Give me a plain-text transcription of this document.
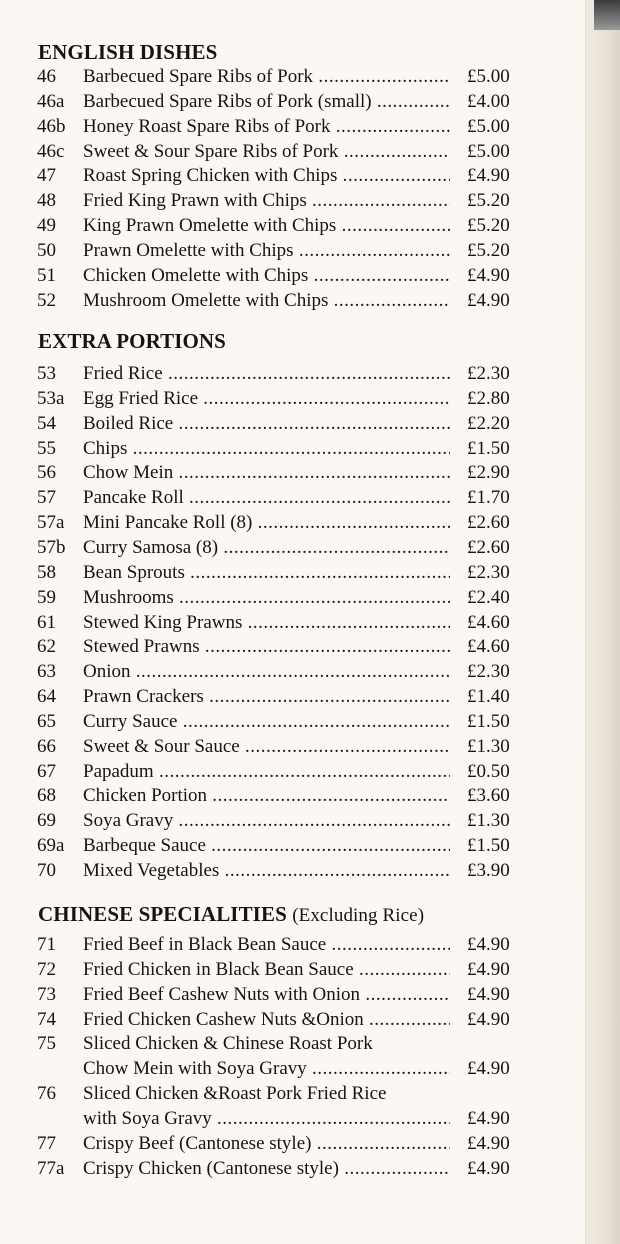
ENGLISH DISHES
EXTRA PORTIONS
CHINESE SPECIALITIES (Excluding Rice)
46	Barbecued Spare Ribs of Pork .....	£5.00
46a Barbecued Spare Ribs of Pork (small) .....	£4.00
46b Honey Roast Spare Ribs of Pork .....	£5.00
46c Sweet & Sour Spare Ribs of Pork .....	£5.00
47	Roast Spring Chicken with Chips .....	£4.90
48	Fried King Prawn with Chips .....	£5.20
49	King Prawn Omelette with Chips .....	£5.20
50	Prawn Omelette with Chips .....	£5.20
51	Chicken Omelette with Chips .....	£4.90
52	Mushroom Omelette with Chips .....	£4.90
53	Fried Rice .....	£2.30
53a Egg Fried Rice .....	£2.80
54	Boiled Rice .....	£2.20
55	Chips .....	£1.50
56	Chow Mein .....	£2.90
57	Pancake Roll .....	£1.70
57a Mini Pancake Roll (8) .....	£2.60
57b Curry Samosa (8) .....	£2.60
58	Bean Sprouts .....	£2.30
59	Mushrooms .....	£2.40
61	Stewed King Prawns .....	£4.60
62	Stewed Prawns .....	£4.60
63	Onion .....	£2.30
64	Prawn Crackers .....	£1.40
65	Curry Sauce .....	£1.50
66	Sweet & Sour Sauce .....	£1.30
67	Papadum .....	£0.50
68	Chicken Portion .....	£3.60
69	Soya Gravy .....	£1.30
69a Barbeque Sauce .....	£1.50
70	Mixed Vegetables .....	£3.90
71	Fried Beef in Black Bean Sauce .....	£4.90
72	Fried Chicken in Black Bean Sauce .....	£4.90
73	Fried Beef Cashew Nuts with Onion .....	£4.90
74	Fried Chicken Cashew Nuts &Onion .....	£4.90
75	Sliced Chicken & Chinese Roast Pork
Chow Mein with Soya Gravy .....	£4.90
76	Sliced Chicken &Roast Pork Fried Rice
with Soya Gravy .....	£4.90
77	Crispy Beef (Cantonese style) .....	£4.90
77a Crispy Chicken (Cantonese style) .....	£4.90
